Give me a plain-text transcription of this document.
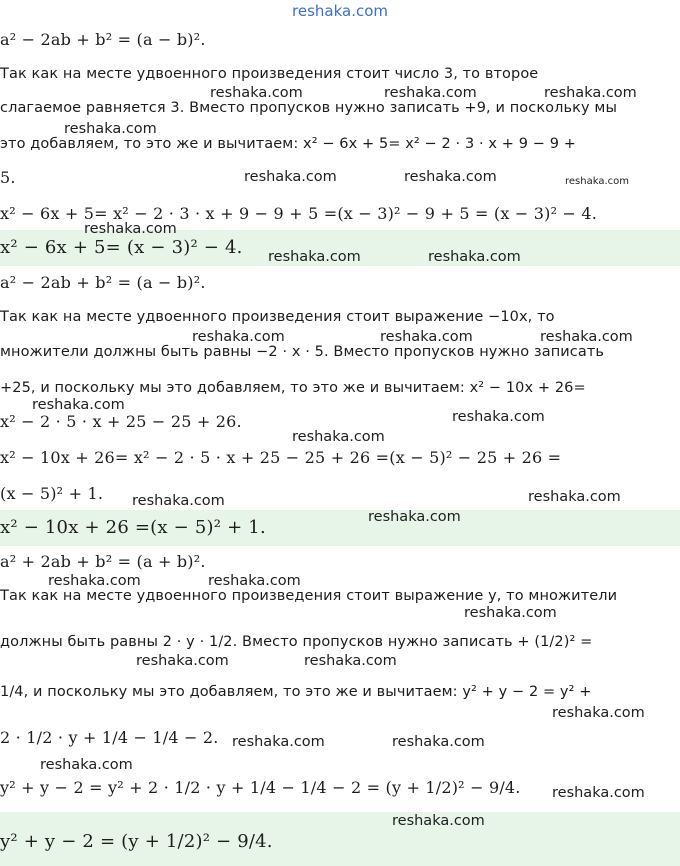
reshaka.com
a² − 2ab + b² = (a − b)².
Так как на месте удвоенного произведения стоит число 3, то второе
слагаемое равняется 3. Вместо пропусков нужно записать +9, и поскольку мы
это добавляем, то это же и вычитаем: x² − 6x + 5= x² − 2 · 3 · x + 9 − 9 +
5.
x² − 6x + 5= x² − 2 · 3 · x + 9 − 9 + 5 =(x − 3)² − 9 + 5 = (x − 3)² − 4.
x² − 6x + 5= (x − 3)² − 4.
a² − 2ab + b² = (a − b)².
Так как на месте удвоенного произведения стоит выражение −10x, то
множители должны быть равны −2 · x · 5. Вместо пропусков нужно записать
+25, и поскольку мы это добавляем, то это же и вычитаем: x² − 10x + 26=
x² − 2 · 5 · x + 25 − 25 + 26.
x² − 10x + 26= x² − 2 · 5 · x + 25 − 25 + 26 =(x − 5)² − 25 + 26 =
(x − 5)² + 1.
x² − 10x + 26 =(x − 5)² + 1.
a² + 2ab + b² = (a + b)².
Так как на месте удвоенного произведения стоит выражение y, то множители
должны быть равны 2 · y · 1/2. Вместо пропусков нужно записать + (1/2)² =
1/4, и поскольку мы это добавляем, то это же и вычитаем: y² + y − 2 = y² +
2 · 1/2 · y + 1/4 − 1/4 − 2.
y² + y − 2 = y² + 2 · 1/2 · y + 1/4 − 1/4 − 2 = (y + 1/2)² − 9/4.
y² + y − 2 = (y + 1/2)² − 9/4.
reshaka.com	reshaka.com	reshaka.com
reshaka.com
reshaka.com	reshaka.com	reshaka.com
reshaka.com
reshaka.com	reshaka.com
reshaka.com	reshaka.com	reshaka.com
reshaka.com
reshaka.com
reshaka.com
reshaka.com	reshaka.com
reshaka.com
reshaka.com	reshaka.com
reshaka.com
reshaka.com	reshaka.com
reshaka.com
reshaka.com	reshaka.com
reshaka.com
reshaka.com
reshaka.com
